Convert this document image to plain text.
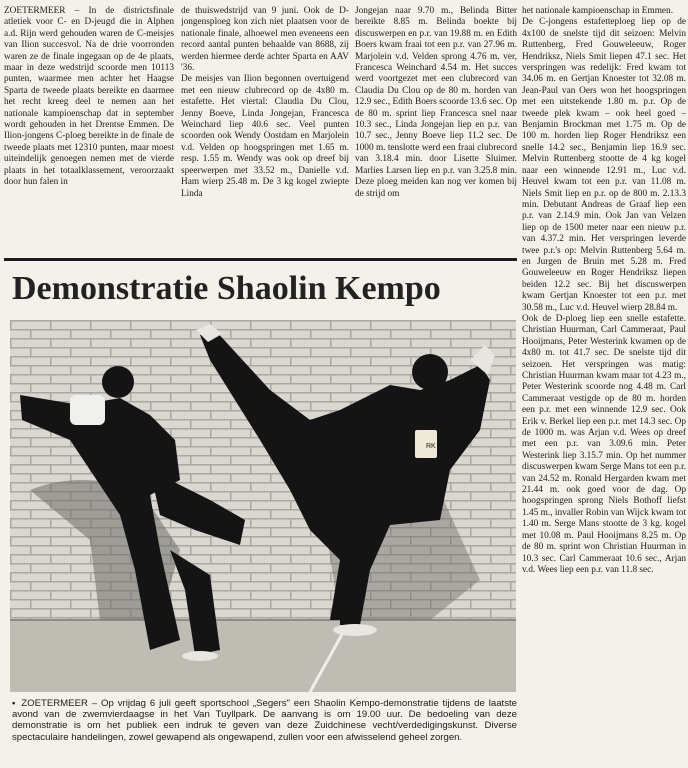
ZOETERMEER – In de districtsfinale atletiek voor C- en D-jeugd die in Alphen a.d. Rijn werd gehouden waren de C-meisjes van Ilion succesvol. Na de drie voorronden waren ze de finale ingegaan op de 4e plaats, maar in deze wedstrijd scoorde men 10113 punten, waarmee men achter het Haagse Sparta de tweede plaats bereikte en daarmee het recht kreeg deel te nemen aan het nationale kampioenschap dat in september wordt gehouden in het Drentse Emmen. De Ilion-jongens C-ploeg bereikte in de finale de tweede plaats met 12310 punten, maar moest uiteindelijk genoegen nemen met de vierde plaats in het totaalklassement, veroorzaakt door hun falen in
de thuiswedstrijd van 9 juni. Ook de D-jongensploeg kon zich niet plaatsen voor de nationale finale, alhoewel men eveneens een record aantal punten behaalde van 8688, zij werden hiermee derde achter Sparta en AAV '36.
De meisjes van Ilion begonnen overtuigend met een nieuw clubrecord op de 4x80 m. estafette. Het viertal: Claudia Du Clou, Jenny Boeve, Linda Jongejan, Francesca Weinchard liep 40.6 sec. Veel punten scoorden ook Wendy Oostdam en Marjolein v.d. Velden op hoogspringen met 1.65 m. resp. 1.55 m. Wendy was ook op dreef bij speerwerpen met 33.52 m., Danielle v.d. Ham wierp 25.48 m. De 3 kg kogel zwiepte Linda
Jongejan naar 9.70 m., Belinda Bitter bereikte 8.85 m. Belinda boekte bij discuswerpen en p.r. van 19.88 m. en Edith Boers kwam fraai tot een p.r. van 27.96 m. Marjolein v.d. Velden sprong 4.76 m. ver, Francesca Weinchard 4.54 m. Het succes werd voortgezet met een clubrecord van Claudia Du Clou op de 80 m. horden van 12.9 sec., Edith Boers scoorde 13.6 sec. Op de 80 m. sprint liep Francesca snel naar 10.3 sec., Linda Jongejan liep en p.r. van 10.7 sec., Jenny Boeve liep 11.2 sec. De 1000 m. tenslotte werd een fraai clubrecord van 3.18.4 min. door Lisette Sluimer. Marlies Larsen liep en p.r. van 3.25.8 min. Deze ploeg meiden kan nog ver komen bij de strijd om
het nationale kampioenschap in Emmen.
De C-jongens estafetteploeg liep op de 4x100 de snelste tijd dit seizoen: Melvin Ruttenberg, Fred Gouweleeuw, Roger Hendriksz, Niels Smit liepen 47.1 sec. Het verspringen was redelijk: Fred kwam tot 34.06 m. en Gertjan Knoester tot 32.08 m. Jean-Paul van Oers won het hoogspringen met een uitstekende 1.80 m. p.r. Op de tweede plek kwam – ook heel goed – Benjamin Brockman met 1.75 m. Op de 100 m. horden liep Roger Hendriksz een snelle 14.2 sec., Benjamin liep 16.9 sec. Melvin Ruttenberg stootte de 4 kg kogel naar een winnende 12.91 m., Luc v.d. Heuvel kwam tot een p.r. van 11.08 m. Niels Smit liep en p.r. op de 800 m. 2.13.3 min. Debutant Andreas de Graaf liep een p.r. van 2.14.9 min. Ook Jan van Velzen liep op de 1500 meter naar een nieuw p.r. van 4.37.2 min. Het verspringen leverde twee p.r.'s op: Melvin Ruttenberg 5.64 m. en Jurgen de Bruin met 5.28 m. Fred Gouweleeuw en Roger Hendriksz liepen beiden 12.2 sec. Bij het discuswerpen kwam Gertjan Knoester tot een p.r. met 30.58 m., Luc v.d. Heuvel wierp 28.84 m.
Ook de D-ploeg liep een snelle estafette. Christian Huurman, Carl Cammeraat, Paul Hooijmans, Peter Westerink kwamen op de 4x80 m. tot 41.7 sec. De snelste tijd dit seizoen. Het verspringen was matig: Christian Huurman kwam maar tot 4.23 m., Peter Westerink scoorde nog 4.48 m. Carl Cammeraat vestigde op de 80 m. horden een p.r. met een winnende 12.9 sec. Ook Erik v. Berkel liep een p.r. met 14.3 sec. Op de 1000 m. was Arjan v.d. Wees op dreef met een p.r. van 3.09.6 min. Peter Westerink liep 3.15.7 min. Op het nummer discuswerpen kwam Serge Mans tot een p.r. van 24.52 m. Ronald Hergarden kwam met 21.44 m. ook goed voor de dag. Op hoogspringen sprong Niels Bothoff liefst 1.45 m., invaller Robin van Wijck kwam tot 1.40 m. Serge Mans stootte de 3 kg. kogel met 10.08 m. Paul Hooijmans 8.25 m. Op de 80 m. sprint won Christian Huurman in 10.3 sec. Carl Cammeraat 10.6 sec., Arjan v.d. Wees liep een p.r. van 11.8 sec.
Demonstratie Shaolin Kempo
RK
• ZOETERMEER – Op vrijdag 6 juli geeft sportschool „Segers" een Shaolin Kempo-demonstratie tijdens de laatste avond van de zwemvierdaagse in het Van Tuyllpark. De aanvang is om 19.00 uur. De bedoeling van deze demonstratie is om het publiek een indruk te geven van deze Zuidchinese vecht/verdedigingskunst. Diverse spectaculaire handelingen, zowel gewapend als ongewapend, zullen voor een afwisselend geheel zorgen.
